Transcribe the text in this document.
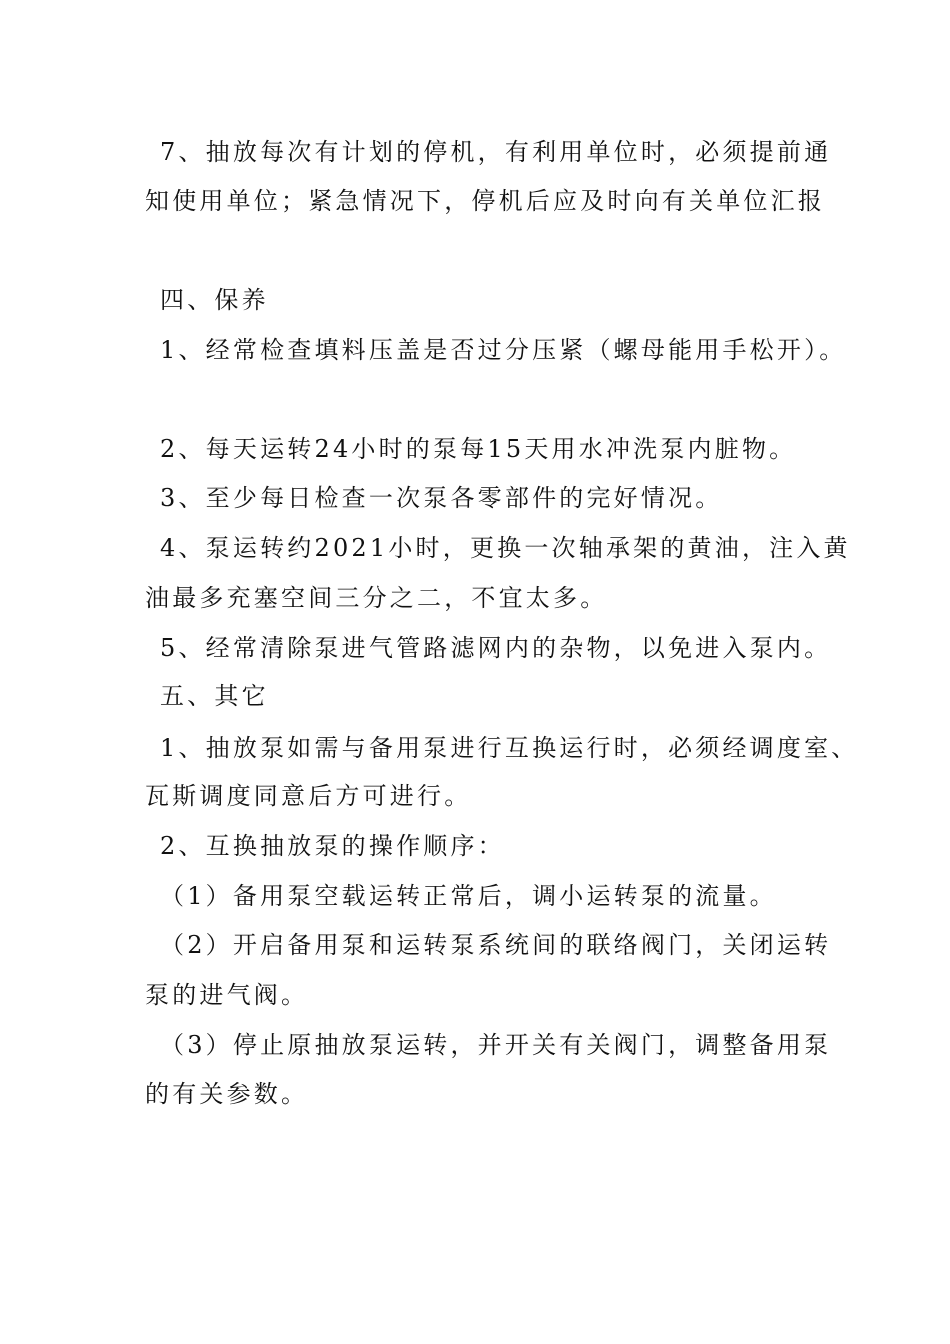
7、抽放每次有计划的停机，有利用单位时，必须提前通
知使用单位；紧急情况下，停机后应及时向有关单位汇报
四、保养
1、经常检查填料压盖是否过分压紧（螺母能用手松开）。
2、每天运转24小时的泵每15天用水冲洗泵内脏物。
3、至少每日检查一次泵各零部件的完好情况。
4、泵运转约2021小时，更换一次轴承架的黄油，注入黄
油最多充塞空间三分之二，不宜太多。
5、经常清除泵进气管路滤网内的杂物，以免进入泵内。
五、其它
1、抽放泵如需与备用泵进行互换运行时，必须经调度室、
瓦斯调度同意后方可进行。
2、互换抽放泵的操作顺序：
（1）备用泵空载运转正常后，调小运转泵的流量。
（2）开启备用泵和运转泵系统间的联络阀门，关闭运转
泵的进气阀。
（3）停止原抽放泵运转，并开关有关阀门，调整备用泵
的有关参数。
